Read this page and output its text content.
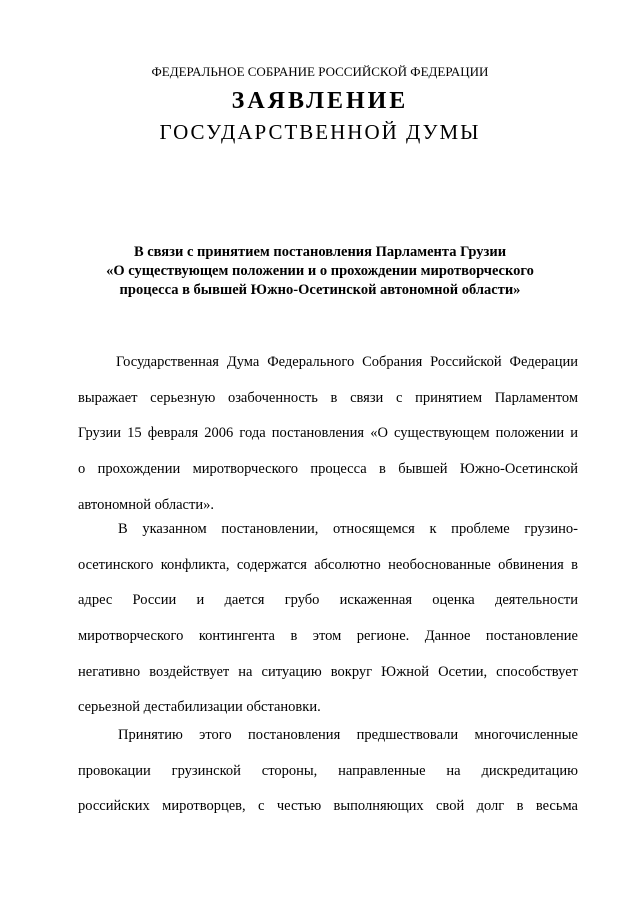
ФЕДЕРАЛЬНОЕ СОБРАНИЕ РОССИЙСКОЙ ФЕДЕРАЦИИ
ЗАЯВЛЕНИЕ
ГОСУДАРСТВЕННОЙ ДУМЫ
В связи с принятием постановления Парламента Грузии
«О существующем положении и о прохождении миротворческого
процесса в бывшей Южно-Осетинской автономной области»
Государственная Дума Федерального Собрания Российской Федерации
выражает серьезную озабоченность в связи с принятием Парламентом
Грузии 15 февраля 2006 года постановления «О существующем положении и
о прохождении миротворческого процесса в бывшей Южно-Осетинской
автономной области».
В указанном постановлении, относящемся к проблеме грузино-
осетинского конфликта, содержатся абсолютно необоснованные обвинения в
адрес России и дается грубо искаженная оценка деятельности
миротворческого контингента в этом регионе. Данное постановление
негативно воздействует на ситуацию вокруг Южной Осетии, способствует
серьезной дестабилизации обстановки.
Принятию этого постановления предшествовали многочисленные
провокации грузинской стороны, направленные на дискредитацию
российских миротворцев, с честью выполняющих свой долг в весьма
